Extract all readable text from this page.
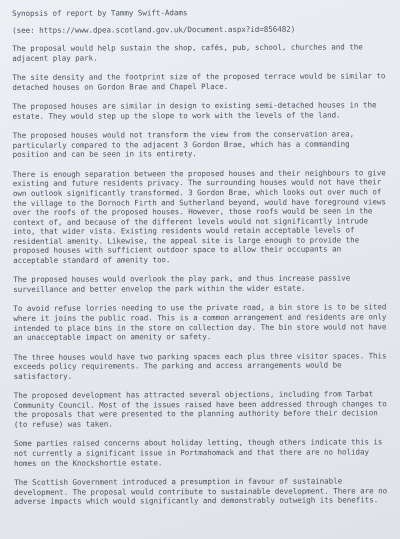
Synopsis of report by Tammy Swift-Adams

(see: https://www.dpea.scotland.gov.uk/Document.aspx?id=856482)

The proposal would help sustain the shop, cafés, pub, school, churches and the
adjacent play park.

The site density and the footprint size of the proposed terrace would be similar to
detached houses on Gordon Brae and Chapel Place.

The proposed houses are similar in design to existing semi-detached houses in the
estate. They would step up the slope to work with the levels of the land.

The proposed houses would not transform the view from the conservation area,
particularly compared to the adjacent 3 Gordon Brae, which has a commanding
position and can be seen in its entirety.

There is enough separation between the proposed houses and their neighbours to give
existing and future residents privacy. The surrounding houses would not have their
own outlook significantly transformed. 3 Gordon Brae, which looks out over much of
the village to the Dornoch Firth and Sutherland beyond, would have foreground views
over the roofs of the proposed houses. However, those roofs would be seen in the
context of, and because of the different levels would not significantly intrude
into, that wider vista. Existing residents would retain acceptable levels of
residential amenity. Likewise, the appeal site is large enough to provide the
proposed houses with sufficient outdoor space to allow their occupants an
acceptable standard of amenity too.

The proposed houses would overlook the play park, and thus increase passive
surveillance and better envelop the park within the wider estate.

To avoid refuse lorries needing to use the private road, a bin store is to be sited
where it joins the public road. This is a common arrangement and residents are only
intended to place bins in the store on collection day. The bin store would not have
an unacceptable impact on amenity or safety.

The three houses would have two parking spaces each plus three visitor spaces. This
exceeds policy requirements. The parking and access arrangements would be
satisfactory.

The proposed development has attracted several objections, including from Tarbat
Community Council. Most of the issues raised have been addressed through changes to
the proposals that were presented to the planning authority before their decision
(to refuse) was taken.

Some parties raised concerns about holiday letting, though others indicate this is
not currently a significant issue in Portmahomack and that there are no holiday
homes on the Knockshortie estate.

The Scottish Government introduced a presumption in favour of sustainable
development. The proposal would contribute to sustainable development. There are no
adverse impacts which would significantly and demonstrably outweigh its benefits.
